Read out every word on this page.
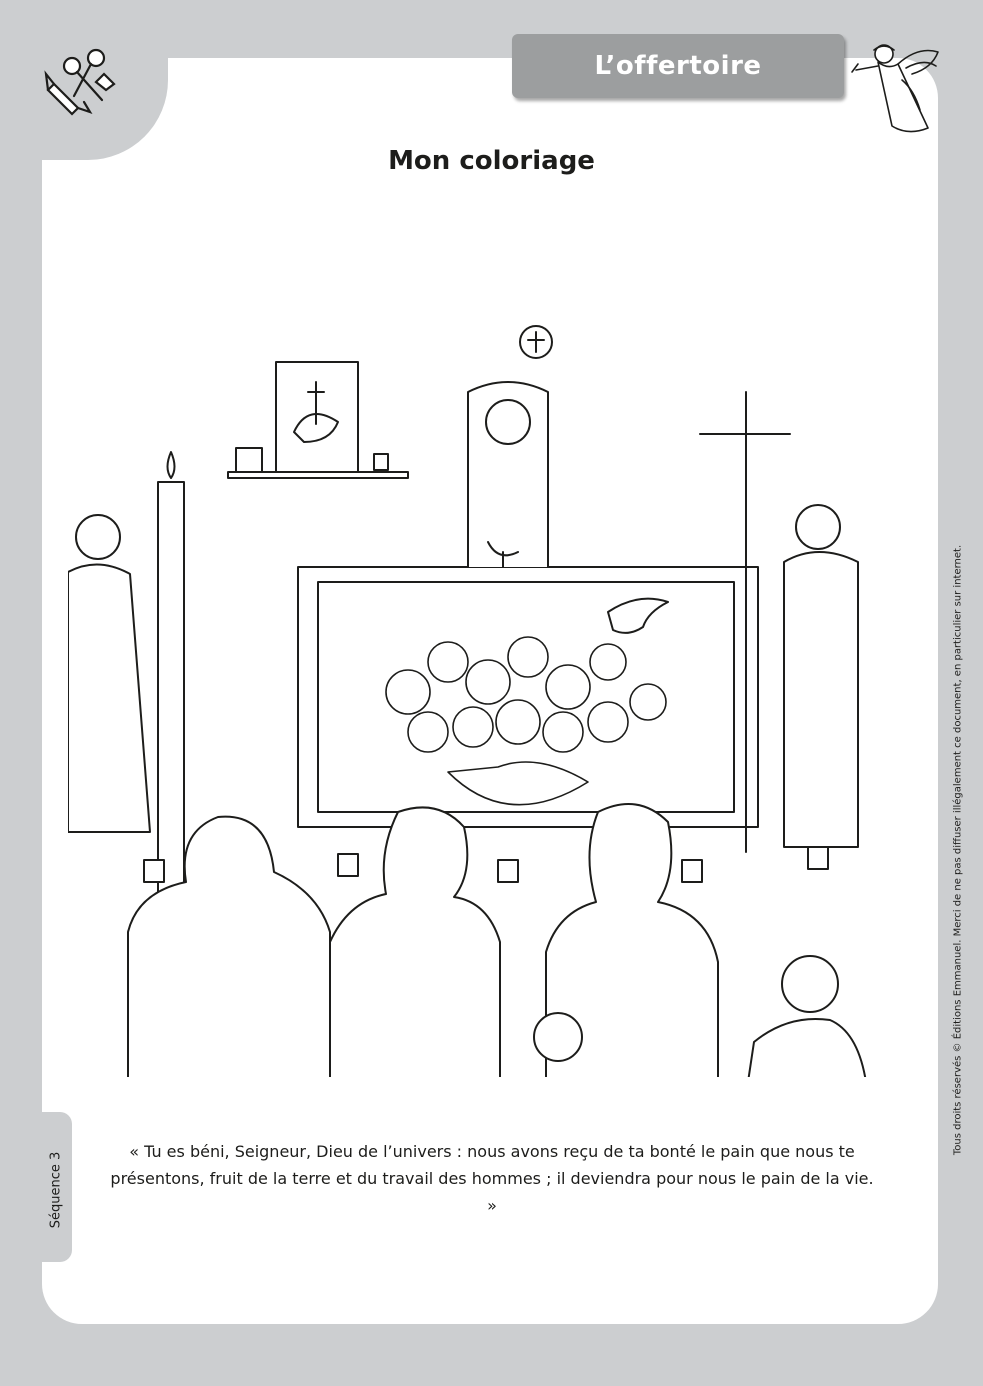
L’offertoire
Mon coloriage
« Tu es béni, Seigneur, Dieu de l’univers : nous avons reçu de ta bonté le pain que nous te présentons, fruit de la terre et du travail des hommes ; il deviendra pour nous le pain de la vie. »
Séquence 3
Tous droits réservés © Éditions Emmanuel. Merci de ne pas diffuser illégalement ce document, en particulier sur internet.
